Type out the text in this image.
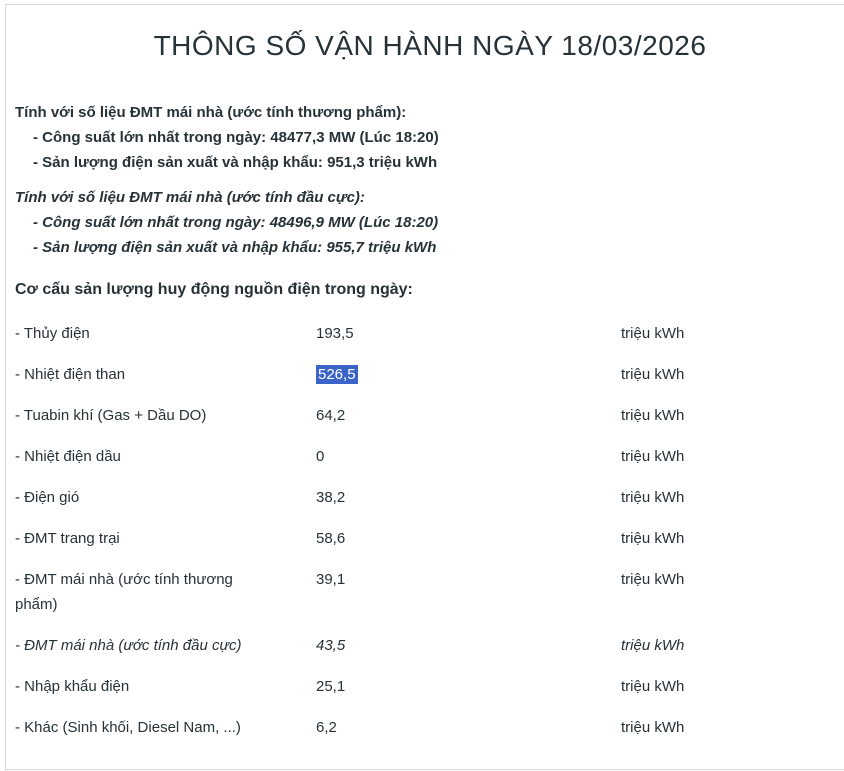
THÔNG SỐ VẬN HÀNH NGÀY 18/03/2026
Tính với số liệu ĐMT mái nhà (ước tính thương phẩm):
- Công suất lớn nhất trong ngày: 48477,3 MW (Lúc 18:20)
- Sản lượng điện sản xuất và nhập khẩu: 951,3 triệu kWh
Tính với số liệu ĐMT mái nhà (ước tính đầu cực):
- Công suất lớn nhất trong ngày: 48496,9 MW (Lúc 18:20)
- Sản lượng điện sản xuất và nhập khẩu: 955,7 triệu kWh
Cơ cấu sản lượng huy động nguồn điện trong ngày:
- Thủy điện	193,5	triệu kWh
- Nhiệt điện than	526,5	triệu kWh
- Tuabin khí (Gas + Dầu DO)	64,2	triệu kWh
- Nhiệt điện dầu	0	triệu kWh
- Điện gió	38,2	triệu kWh
- ĐMT trang trại	58,6	triệu kWh
- ĐMT mái nhà (ước tính thương phẩm)
39,1	triệu kWh
- ĐMT mái nhà (ước tính đầu cực)	43,5	triệu kWh
- Nhập khẩu điện	25,1	triệu kWh
- Khác (Sinh khối, Diesel Nam, ...)	6,2	triệu kWh
